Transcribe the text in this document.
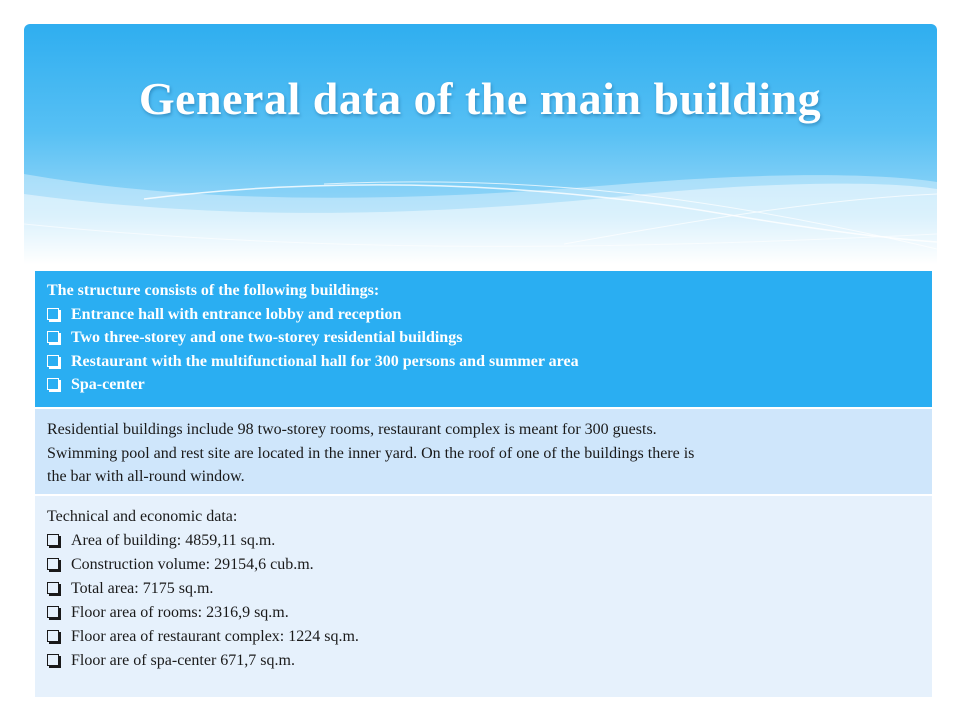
General data of the main building
The structure consists of the following buildings:
Entrance hall with entrance lobby and reception
Two three-storey and one two-storey residential buildings
Restaurant with the multifunctional hall for 300 persons and summer area
Spa-center
Residential buildings include 98 two-storey rooms, restaurant complex is meant for 300 guests.
Swimming pool and rest site are located in the inner yard. On the roof of one of the buildings there is
the bar with all-round window.
Technical and economic data:
Area of building: 4859,11 sq.m.
Construction volume: 29154,6 cub.m.
Total area: 7175 sq.m.
Floor area of rooms: 2316,9 sq.m.
Floor area of restaurant complex: 1224 sq.m.
Floor are of spa-center 671,7 sq.m.
